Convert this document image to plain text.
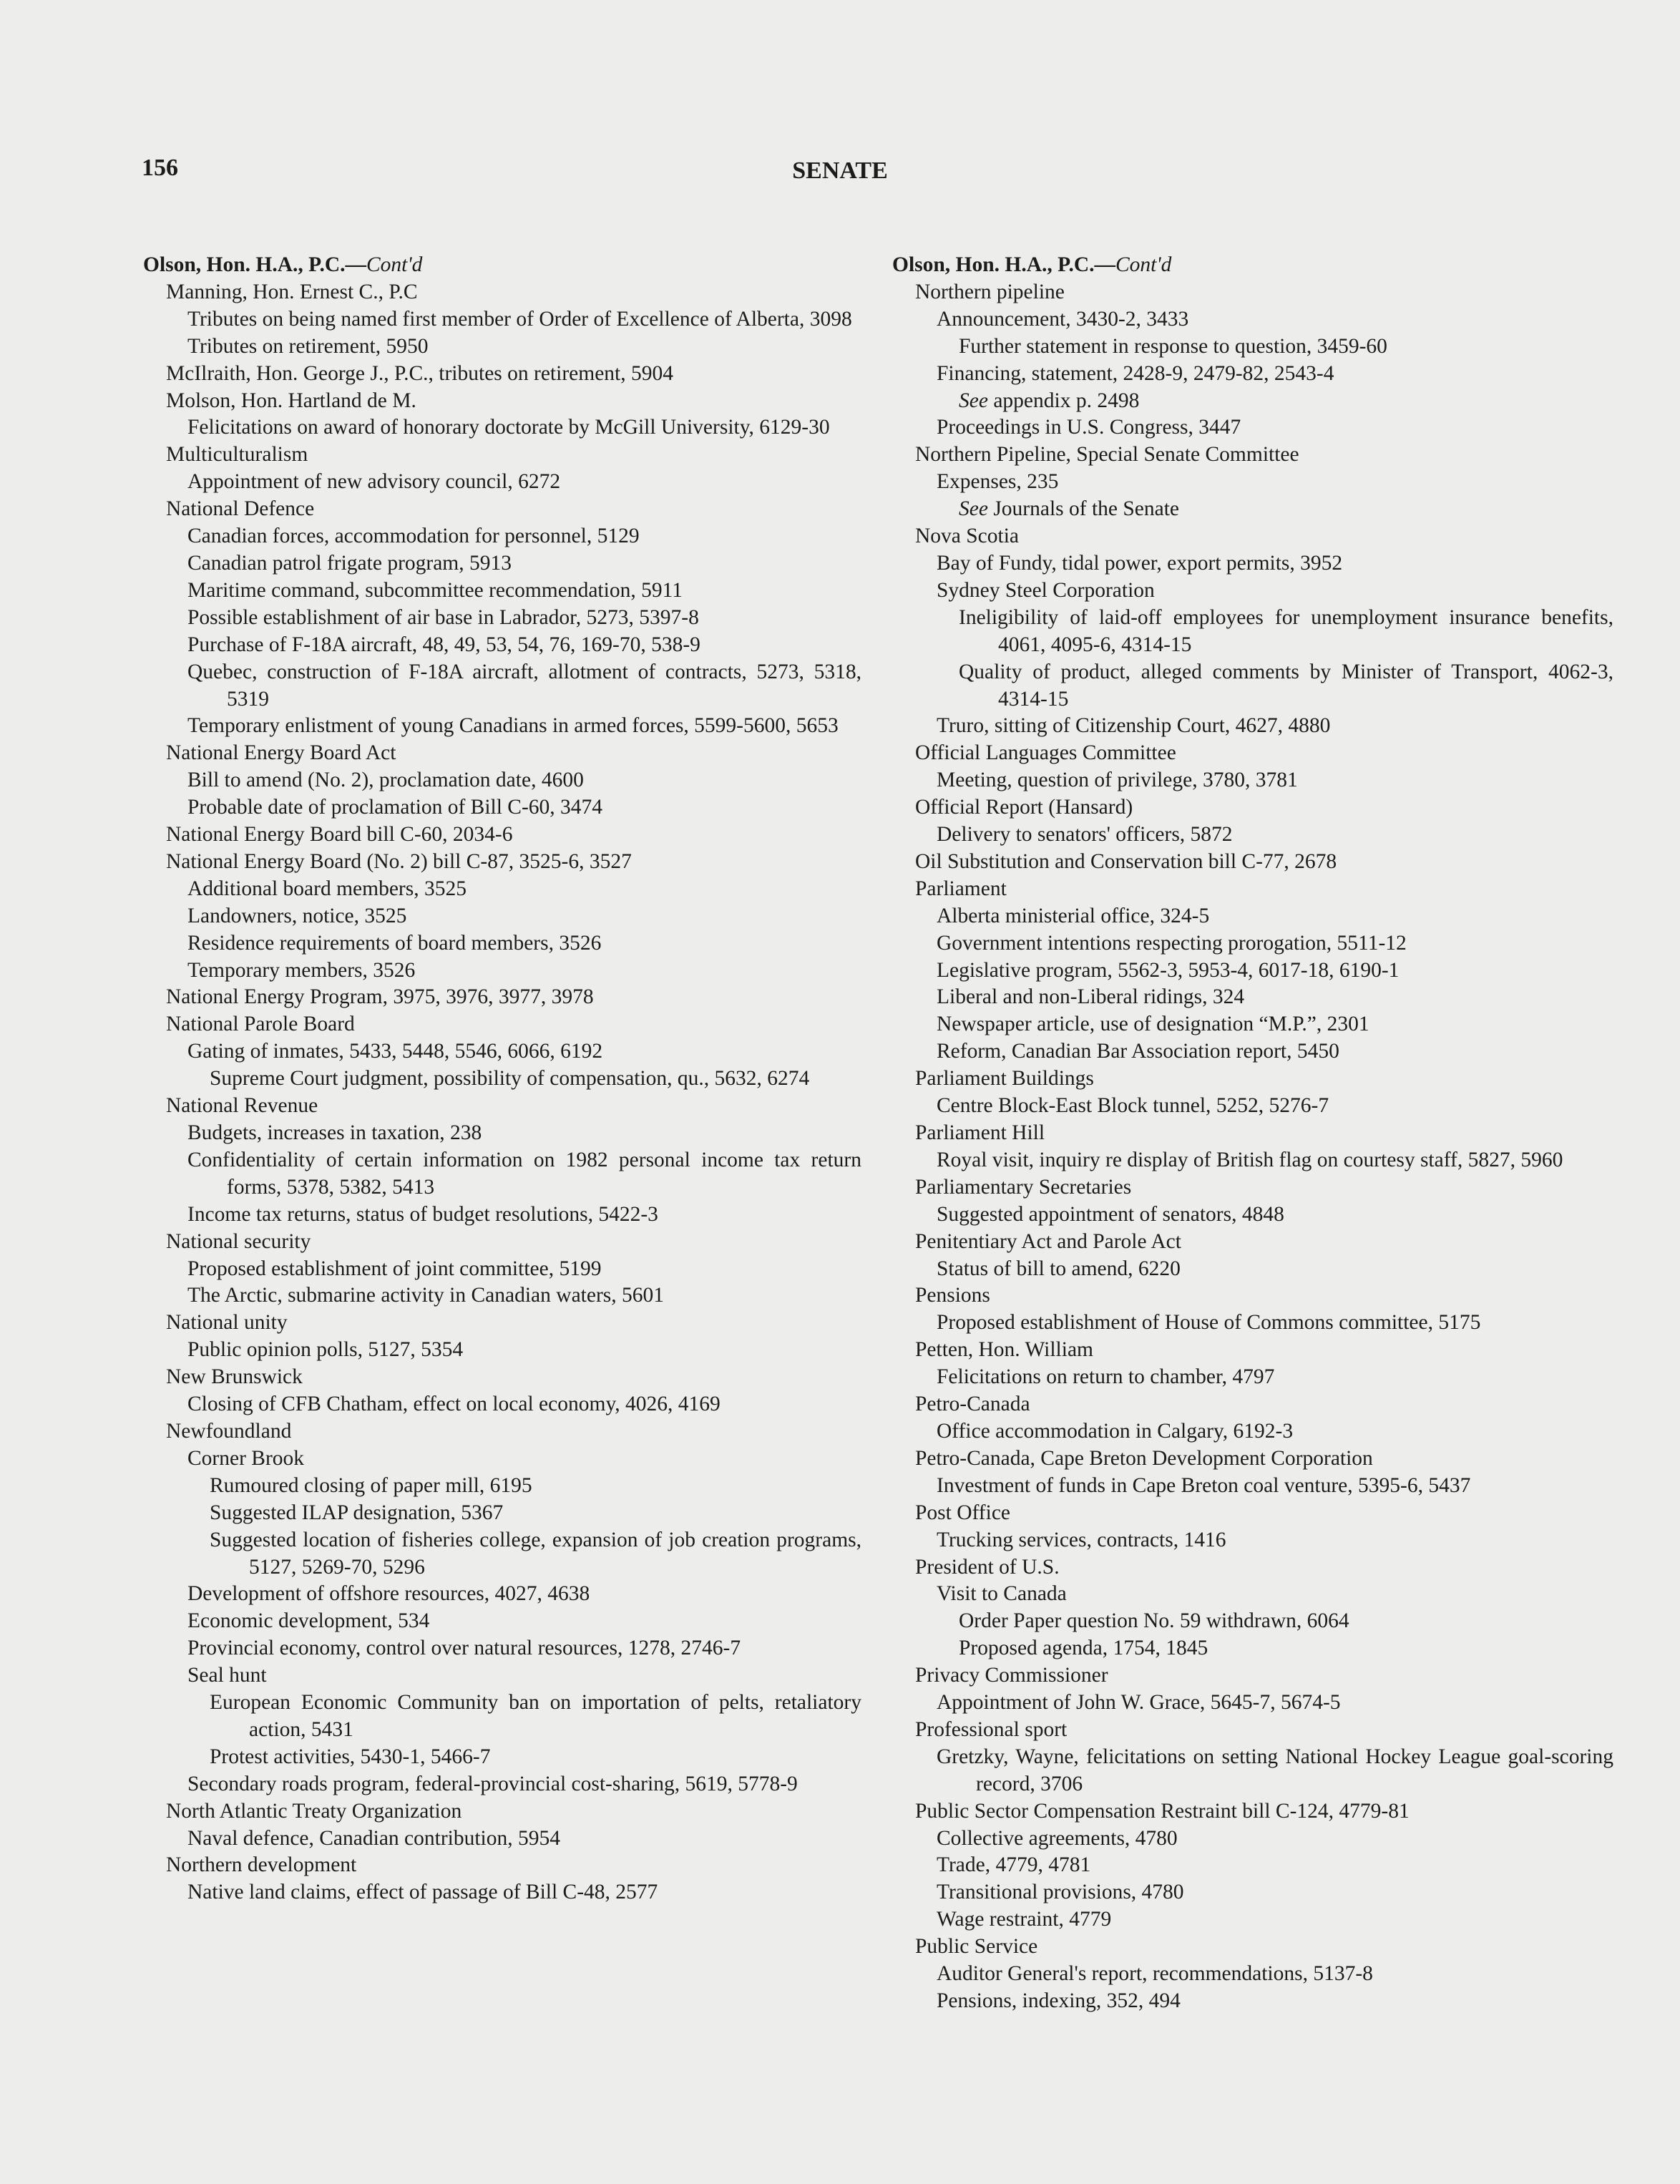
156	SENATE
Olson, Hon. H.A., P.C.—Cont'd
Manning, Hon. Ernest C., P.C
Tributes on being named first member of Order of Excellence of Alberta, 3098
Tributes on retirement, 5950
McIlraith, Hon. George J., P.C., tributes on retirement, 5904
Molson, Hon. Hartland de M.
Felicitations on award of honorary doctorate by McGill University, 6129-30
Multiculturalism
Appointment of new advisory council, 6272
National Defence
Canadian forces, accommodation for personnel, 5129
Canadian patrol frigate program, 5913
Maritime command, subcommittee recommendation, 5911
Possible establishment of air base in Labrador, 5273, 5397-8
Purchase of F-18A aircraft, 48, 49, 53, 54, 76, 169-70, 538-9
Quebec, construction of F-18A aircraft, allotment of contracts, 5273, 5318, 5319
Temporary enlistment of young Canadians in armed forces, 5599-5600, 5653
National Energy Board Act
Bill to amend (No. 2), proclamation date, 4600
Probable date of proclamation of Bill C-60, 3474
National Energy Board bill C-60, 2034-6
National Energy Board (No. 2) bill C-87, 3525-6, 3527
Additional board members, 3525
Landowners, notice, 3525
Residence requirements of board members, 3526
Temporary members, 3526
National Energy Program, 3975, 3976, 3977, 3978
National Parole Board
Gating of inmates, 5433, 5448, 5546, 6066, 6192
Supreme Court judgment, possibility of compensation, qu., 5632, 6274
National Revenue
Budgets, increases in taxation, 238
Confidentiality of certain information on 1982 personal income tax return forms, 5378, 5382, 5413
Income tax returns, status of budget resolutions, 5422-3
National security
Proposed establishment of joint committee, 5199
The Arctic, submarine activity in Canadian waters, 5601
National unity
Public opinion polls, 5127, 5354
New Brunswick
Closing of CFB Chatham, effect on local economy, 4026, 4169
Newfoundland
Corner Brook
Rumoured closing of paper mill, 6195
Suggested ILAP designation, 5367
Suggested location of fisheries college, expansion of job creation programs, 5127, 5269-70, 5296
Development of offshore resources, 4027, 4638
Economic development, 534
Provincial economy, control over natural resources, 1278, 2746-7
Seal hunt
European Economic Community ban on importation of pelts, retaliatory action, 5431
Protest activities, 5430-1, 5466-7
Secondary roads program, federal-provincial cost-sharing, 5619, 5778-9
North Atlantic Treaty Organization
Naval defence, Canadian contribution, 5954
Northern development
Native land claims, effect of passage of Bill C-48, 2577
Olson, Hon. H.A., P.C.—Cont'd
Northern pipeline
Announcement, 3430-2, 3433
Further statement in response to question, 3459-60
Financing, statement, 2428-9, 2479-82, 2543-4
See appendix p. 2498
Proceedings in U.S. Congress, 3447
Northern Pipeline, Special Senate Committee
Expenses, 235
See Journals of the Senate
Nova Scotia
Bay of Fundy, tidal power, export permits, 3952
Sydney Steel Corporation
Ineligibility of laid-off employees for unemployment insurance benefits, 4061, 4095-6, 4314-15
Quality of product, alleged comments by Minister of Transport, 4062-3, 4314-15
Truro, sitting of Citizenship Court, 4627, 4880
Official Languages Committee
Meeting, question of privilege, 3780, 3781
Official Report (Hansard)
Delivery to senators' officers, 5872
Oil Substitution and Conservation bill C-77, 2678
Parliament
Alberta ministerial office, 324-5
Government intentions respecting prorogation, 5511-12
Legislative program, 5562-3, 5953-4, 6017-18, 6190-1
Liberal and non-Liberal ridings, 324
Newspaper article, use of designation “M.P.”, 2301
Reform, Canadian Bar Association report, 5450
Parliament Buildings
Centre Block-East Block tunnel, 5252, 5276-7
Parliament Hill
Royal visit, inquiry re display of British flag on courtesy staff, 5827, 5960
Parliamentary Secretaries
Suggested appointment of senators, 4848
Penitentiary Act and Parole Act
Status of bill to amend, 6220
Pensions
Proposed establishment of House of Commons committee, 5175
Petten, Hon. William
Felicitations on return to chamber, 4797
Petro-Canada
Office accommodation in Calgary, 6192-3
Petro-Canada, Cape Breton Development Corporation
Investment of funds in Cape Breton coal venture, 5395-6, 5437
Post Office
Trucking services, contracts, 1416
President of U.S.
Visit to Canada
Order Paper question No. 59 withdrawn, 6064
Proposed agenda, 1754, 1845
Privacy Commissioner
Appointment of John W. Grace, 5645-7, 5674-5
Professional sport
Gretzky, Wayne, felicitations on setting National Hockey League goal-scoring record, 3706
Public Sector Compensation Restraint bill C-124, 4779-81
Collective agreements, 4780
Trade, 4779, 4781
Transitional provisions, 4780
Wage restraint, 4779
Public Service
Auditor General's report, recommendations, 5137-8
Pensions, indexing, 352, 494
